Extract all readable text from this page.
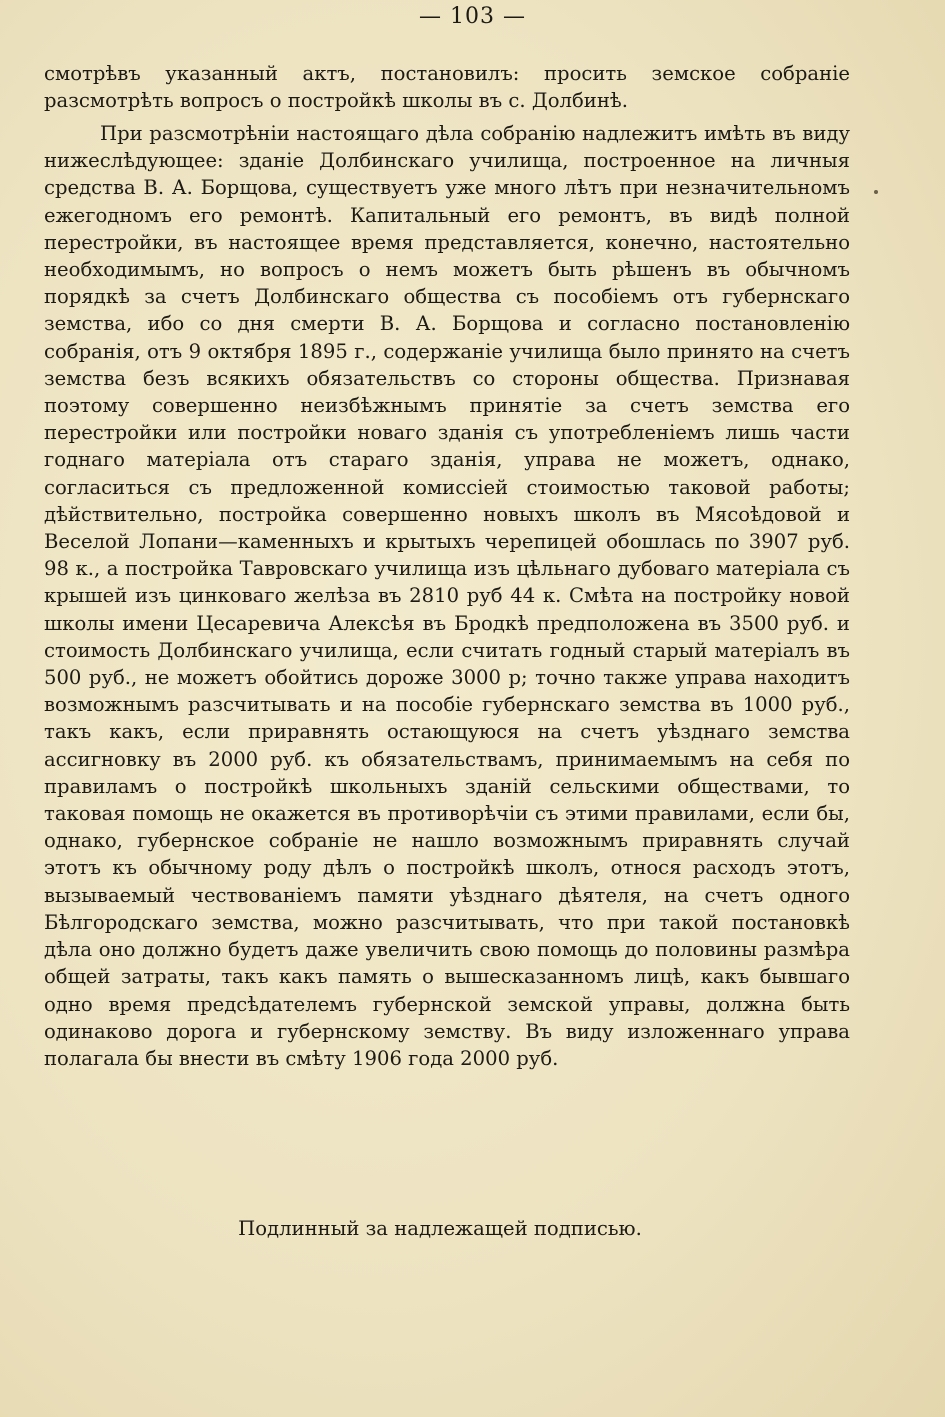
— 103 —

смотрѣвъ указанный актъ, постановилъ: просить земское собраніе разсмотрѣть вопросъ о постройкѣ школы въ с. Долбинѣ.

При разсмотрѣніи настоящаго дѣла собранію надлежитъ имѣть въ виду нижеслѣдующее: зданіе Долбинскаго училища, построенное на личныя средства В. А. Борщова, существуетъ уже много лѣтъ при незначительномъ ежегодномъ его ремонтѣ. Капитальный его ремонтъ, въ видѣ полной перестройки, въ настоящее время представляется, конечно, настоятельно необходимымъ, но вопросъ о немъ можетъ быть рѣшенъ въ обычномъ порядкѣ за счетъ Долбинскаго общества съ пособіемъ отъ губернскаго земства, ибо со дня смерти В. А. Борщова и согласно постановленію собранія, отъ 9 октября 1895 г., содержаніе училища было принято на счетъ земства безъ всякихъ обязательствъ со стороны общества. Признавая поэтому совершенно неизбѣжнымъ принятіе за счетъ земства его перестройки или постройки новаго зданія съ употребленіемъ лишь части годнаго матеріала отъ стараго зданія, управа не можетъ, однако, согласиться съ предложенной комиссіей стоимостью таковой работы; дѣйствительно, постройка совершенно новыхъ школъ въ Мясоѣдовой и Веселой Лопани—каменныхъ и крытыхъ черепицей обошлась по 3907 руб. 98 к., а постройка Тавровскаго училища изъ цѣльнаго дубоваго матеріала съ крышей изъ цинковаго желѣза въ 2810 руб 44 к. Смѣта на постройку новой школы имени Цесаревича Алексѣя въ Бродкѣ предположена въ 3500 руб. и стоимость Долбинскаго училища, если считать годный старый матеріалъ въ 500 руб., не можетъ обойтись дороже 3000 р; точно также управа находитъ возможнымъ разсчитывать и на пособіе губернскаго земства въ 1000 руб., такъ какъ, если приравнять остающуюся на счетъ уѣзднаго земства ассигновку въ 2000 руб. къ обязательствамъ, принимаемымъ на себя по правиламъ о постройкѣ школьныхъ зданій сельскими обществами, то таковая помощь не окажется въ противорѣчіи съ этими правилами, если бы, однако, губернское собраніе не нашло возможнымъ приравнять случай этотъ къ обычному роду дѣлъ о постройкѣ школъ, относя расходъ этотъ, вызываемый чествованіемъ памяти уѣзднаго дѣятеля, на счетъ одного Бѣлгородскаго земства, можно разсчитывать, что при такой постановкѣ дѣла оно должно будетъ даже увеличить свою помощь до половины размѣра общей затраты, такъ какъ память о вышесказанномъ лицѣ, какъ бывшаго одно время предсѣдателемъ губернской земской управы, должна быть одинаково дорога и губернскому земству. Въ виду изложеннаго управа полагала бы внести въ смѣту 1906 года 2000 руб.

Подлинный за надлежащей подписью.
